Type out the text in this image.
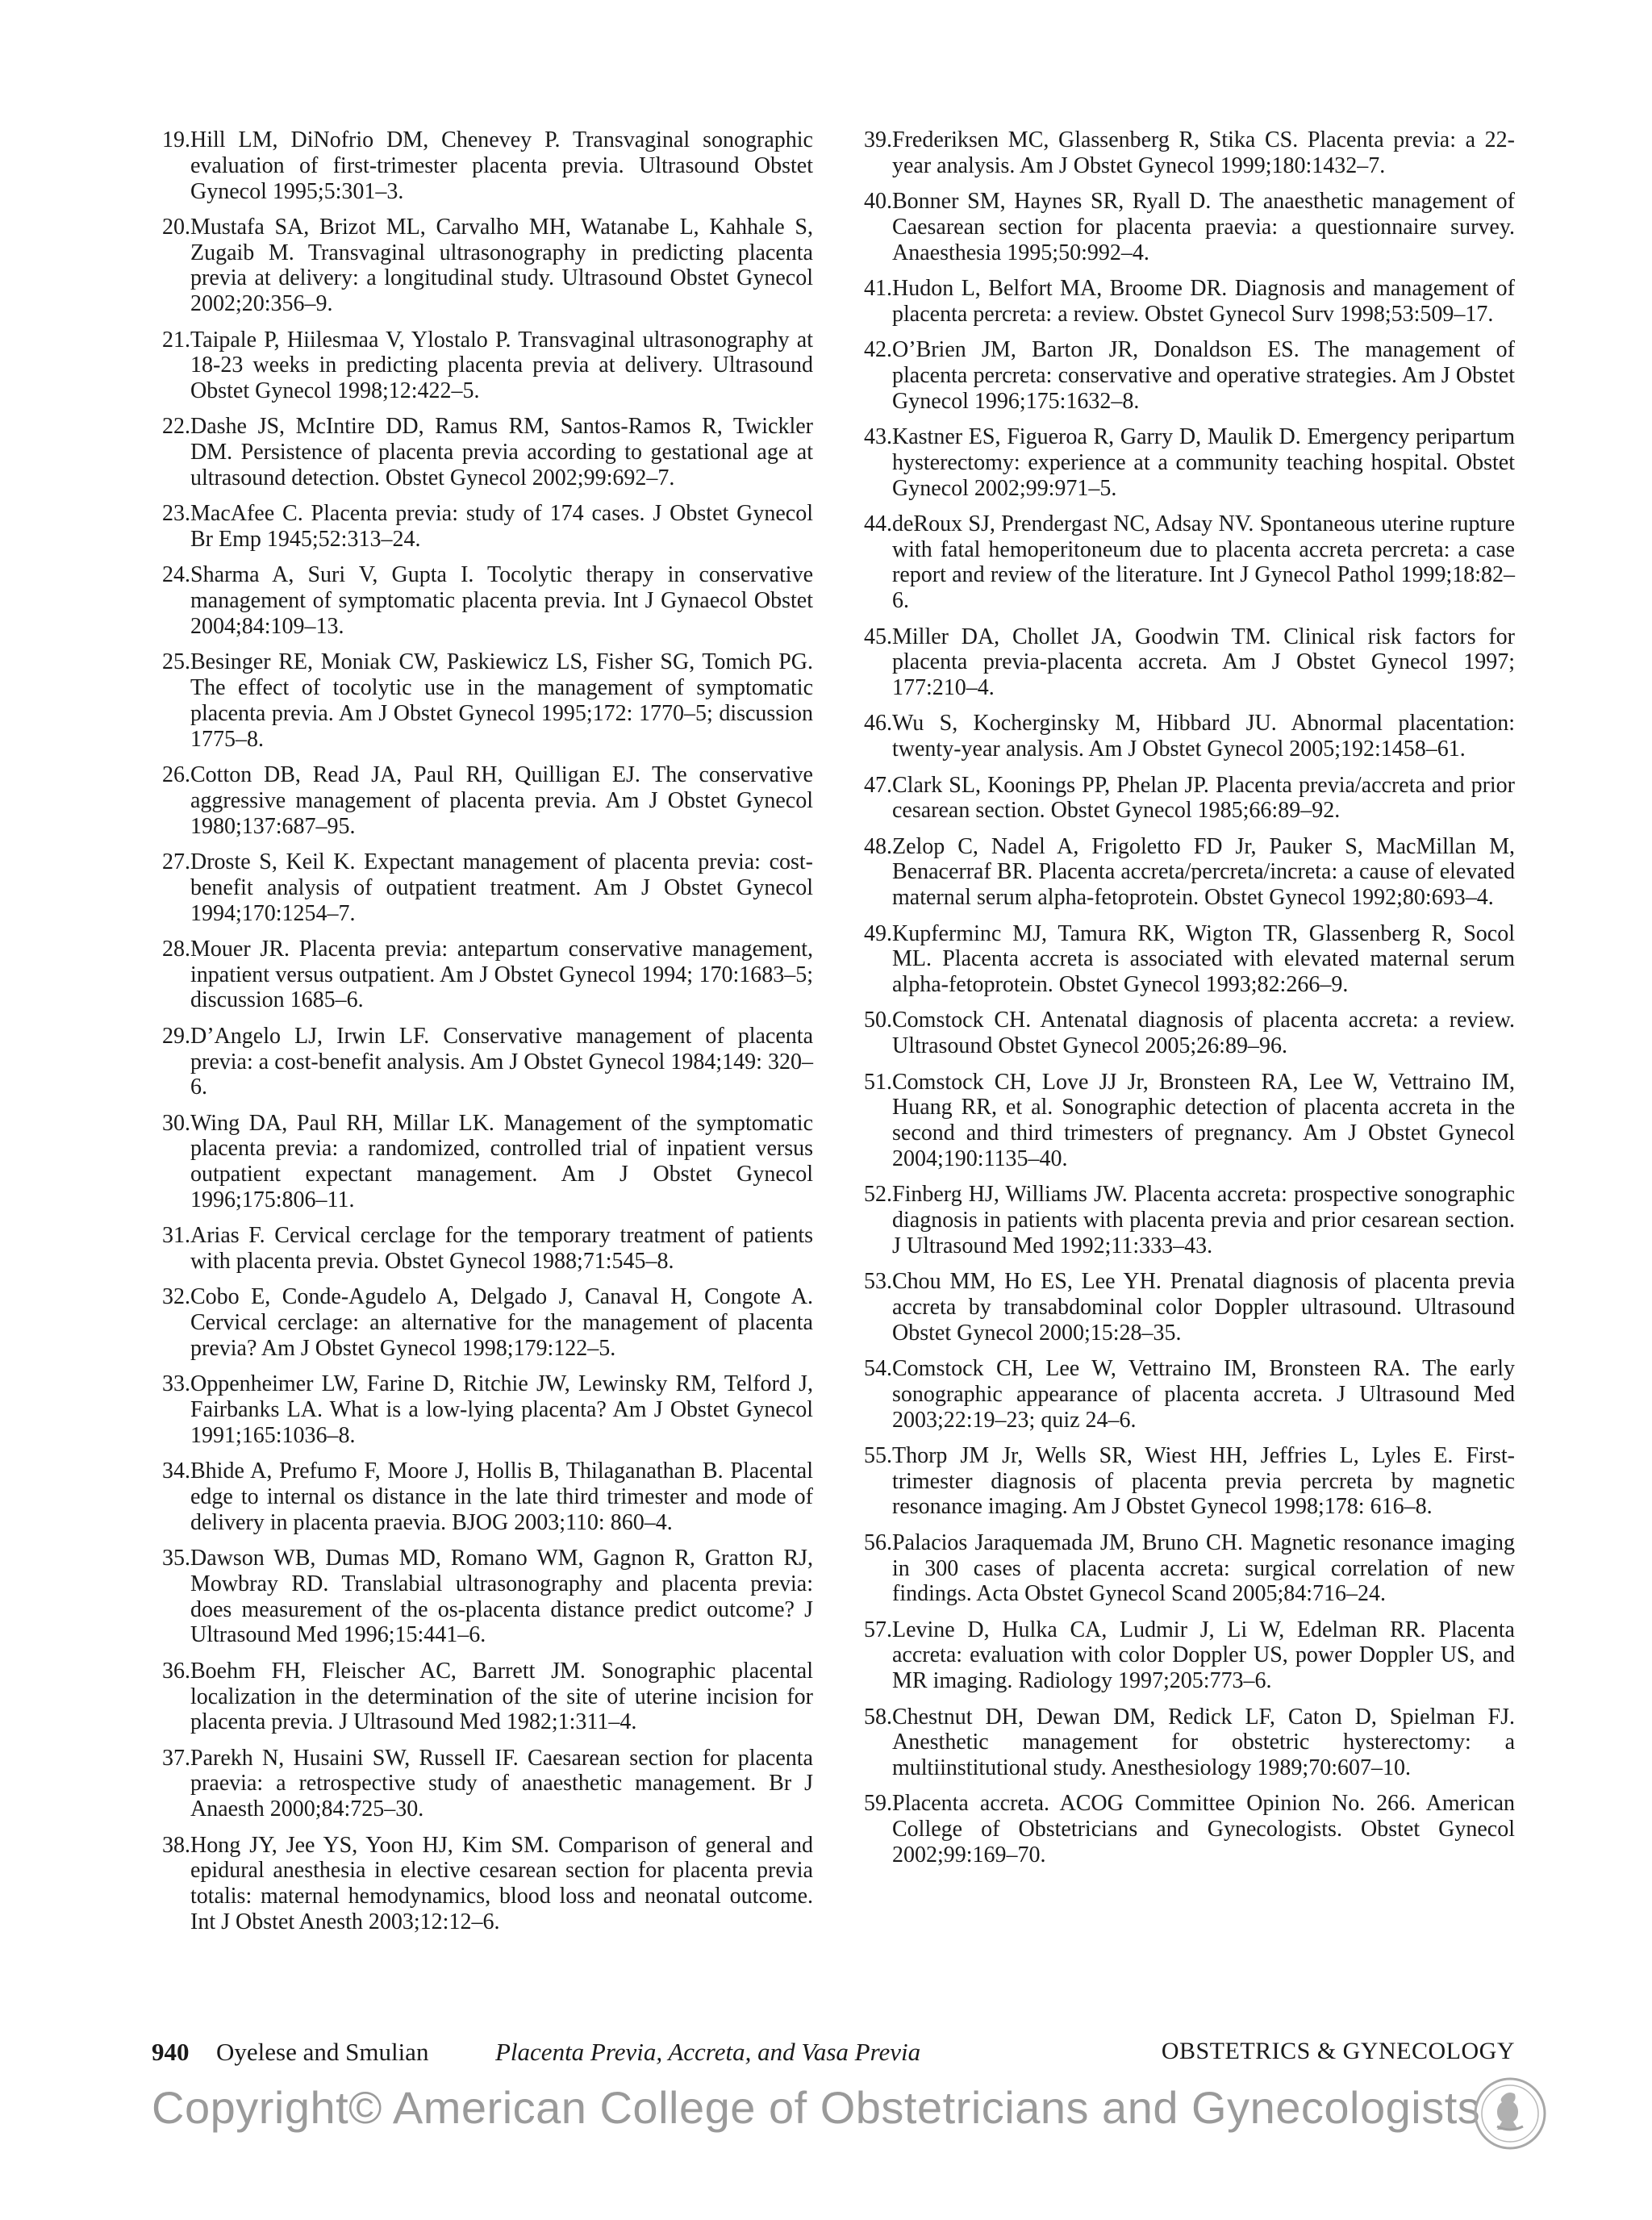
19. Hill LM, DiNofrio DM, Chenevey P. Transvaginal sonographic evaluation of first-trimester placenta previa. Ultrasound Obstet Gynecol 1995;5:301–3.
20. Mustafa SA, Brizot ML, Carvalho MH, Watanabe L, Kahhale S, Zugaib M. Transvaginal ultrasonography in predicting placenta previa at delivery: a longitudinal study. Ultrasound Obstet Gynecol 2002;20:356–9.
21. Taipale P, Hiilesmaa V, Ylostalo P. Transvaginal ultrasonography at 18-23 weeks in predicting placenta previa at delivery. Ultrasound Obstet Gynecol 1998;12:422–5.
22. Dashe JS, McIntire DD, Ramus RM, Santos-Ramos R, Twickler DM. Persistence of placenta previa according to gestational age at ultrasound detection. Obstet Gynecol 2002;99:692–7.
23. MacAfee C. Placenta previa: study of 174 cases. J Obstet Gynecol Br Emp 1945;52:313–24.
24. Sharma A, Suri V, Gupta I. Tocolytic therapy in conservative management of symptomatic placenta previa. Int J Gynaecol Obstet 2004;84:109–13.
25. Besinger RE, Moniak CW, Paskiewicz LS, Fisher SG, Tomich PG. The effect of tocolytic use in the management of symptomatic placenta previa. Am J Obstet Gynecol 1995;172: 1770–5; discussion 1775–8.
26. Cotton DB, Read JA, Paul RH, Quilligan EJ. The conservative aggressive management of placenta previa. Am J Obstet Gynecol 1980;137:687–95.
27. Droste S, Keil K. Expectant management of placenta previa: cost-benefit analysis of outpatient treatment. Am J Obstet Gynecol 1994;170:1254–7.
28. Mouer JR. Placenta previa: antepartum conservative management, inpatient versus outpatient. Am J Obstet Gynecol 1994; 170:1683–5; discussion 1685–6.
29. D’Angelo LJ, Irwin LF. Conservative management of placenta previa: a cost-benefit analysis. Am J Obstet Gynecol 1984;149: 320–6.
30. Wing DA, Paul RH, Millar LK. Management of the symptomatic placenta previa: a randomized, controlled trial of inpatient versus outpatient expectant management. Am J Obstet Gynecol 1996;175:806–11.
31. Arias F. Cervical cerclage for the temporary treatment of patients with placenta previa. Obstet Gynecol 1988;71:545–8.
32. Cobo E, Conde-Agudelo A, Delgado J, Canaval H, Congote A. Cervical cerclage: an alternative for the management of placenta previa? Am J Obstet Gynecol 1998;179:122–5.
33. Oppenheimer LW, Farine D, Ritchie JW, Lewinsky RM, Telford J, Fairbanks LA. What is a low-lying placenta? Am J Obstet Gynecol 1991;165:1036–8.
34. Bhide A, Prefumo F, Moore J, Hollis B, Thilaganathan B. Placental edge to internal os distance in the late third trimester and mode of delivery in placenta praevia. BJOG 2003;110: 860–4.
35. Dawson WB, Dumas MD, Romano WM, Gagnon R, Gratton RJ, Mowbray RD. Translabial ultrasonography and placenta previa: does measurement of the os-placenta distance predict outcome? J Ultrasound Med 1996;15:441–6.
36. Boehm FH, Fleischer AC, Barrett JM. Sonographic placental localization in the determination of the site of uterine incision for placenta previa. J Ultrasound Med 1982;1:311–4.
37. Parekh N, Husaini SW, Russell IF. Caesarean section for placenta praevia: a retrospective study of anaesthetic management. Br J Anaesth 2000;84:725–30.
38. Hong JY, Jee YS, Yoon HJ, Kim SM. Comparison of general and epidural anesthesia in elective cesarean section for placenta previa totalis: maternal hemodynamics, blood loss and neonatal outcome. Int J Obstet Anesth 2003;12:12–6.
39. Frederiksen MC, Glassenberg R, Stika CS. Placenta previa: a 22-year analysis. Am J Obstet Gynecol 1999;180:1432–7.
40. Bonner SM, Haynes SR, Ryall D. The anaesthetic management of Caesarean section for placenta praevia: a questionnaire survey. Anaesthesia 1995;50:992–4.
41. Hudon L, Belfort MA, Broome DR. Diagnosis and management of placenta percreta: a review. Obstet Gynecol Surv 1998;53:509–17.
42. O’Brien JM, Barton JR, Donaldson ES. The management of placenta percreta: conservative and operative strategies. Am J Obstet Gynecol 1996;175:1632–8.
43. Kastner ES, Figueroa R, Garry D, Maulik D. Emergency peripartum hysterectomy: experience at a community teaching hospital. Obstet Gynecol 2002;99:971–5.
44. deRoux SJ, Prendergast NC, Adsay NV. Spontaneous uterine rupture with fatal hemoperitoneum due to placenta accreta percreta: a case report and review of the literature. Int J Gynecol Pathol 1999;18:82–6.
45. Miller DA, Chollet JA, Goodwin TM. Clinical risk factors for placenta previa-placenta accreta. Am J Obstet Gynecol 1997; 177:210–4.
46. Wu S, Kocherginsky M, Hibbard JU. Abnormal placentation: twenty-year analysis. Am J Obstet Gynecol 2005;192:1458–61.
47. Clark SL, Koonings PP, Phelan JP. Placenta previa/accreta and prior cesarean section. Obstet Gynecol 1985;66:89–92.
48. Zelop C, Nadel A, Frigoletto FD Jr, Pauker S, MacMillan M, Benacerraf BR. Placenta accreta/percreta/increta: a cause of elevated maternal serum alpha-fetoprotein. Obstet Gynecol 1992;80:693–4.
49. Kupferminc MJ, Tamura RK, Wigton TR, Glassenberg R, Socol ML. Placenta accreta is associated with elevated maternal serum alpha-fetoprotein. Obstet Gynecol 1993;82:266–9.
50. Comstock CH. Antenatal diagnosis of placenta accreta: a review. Ultrasound Obstet Gynecol 2005;26:89–96.
51. Comstock CH, Love JJ Jr, Bronsteen RA, Lee W, Vettraino IM, Huang RR, et al. Sonographic detection of placenta accreta in the second and third trimesters of pregnancy. Am J Obstet Gynecol 2004;190:1135–40.
52. Finberg HJ, Williams JW. Placenta accreta: prospective sonographic diagnosis in patients with placenta previa and prior cesarean section. J Ultrasound Med 1992;11:333–43.
53. Chou MM, Ho ES, Lee YH. Prenatal diagnosis of placenta previa accreta by transabdominal color Doppler ultrasound. Ultrasound Obstet Gynecol 2000;15:28–35.
54. Comstock CH, Lee W, Vettraino IM, Bronsteen RA. The early sonographic appearance of placenta accreta. J Ultrasound Med 2003;22:19–23; quiz 24–6.
55. Thorp JM Jr, Wells SR, Wiest HH, Jeffries L, Lyles E. First-trimester diagnosis of placenta previa percreta by magnetic resonance imaging. Am J Obstet Gynecol 1998;178: 616–8.
56. Palacios Jaraquemada JM, Bruno CH. Magnetic resonance imaging in 300 cases of placenta accreta: surgical correlation of new findings. Acta Obstet Gynecol Scand 2005;84:716–24.
57. Levine D, Hulka CA, Ludmir J, Li W, Edelman RR. Placenta accreta: evaluation with color Doppler US, power Doppler US, and MR imaging. Radiology 1997;205:773–6.
58. Chestnut DH, Dewan DM, Redick LF, Caton D, Spielman FJ. Anesthetic management for obstetric hysterectomy: a multiinstitutional study. Anesthesiology 1989;70:607–10.
59. Placenta accreta. ACOG Committee Opinion No. 266. American College of Obstetricians and Gynecologists. Obstet Gynecol 2002;99:169–70.
940 Oyelese and Smulian	Placenta Previa, Accreta, and Vasa Previa	OBSTETRICS & GYNECOLOGY
Copyright© American College of Obstetricians and Gynecologists
